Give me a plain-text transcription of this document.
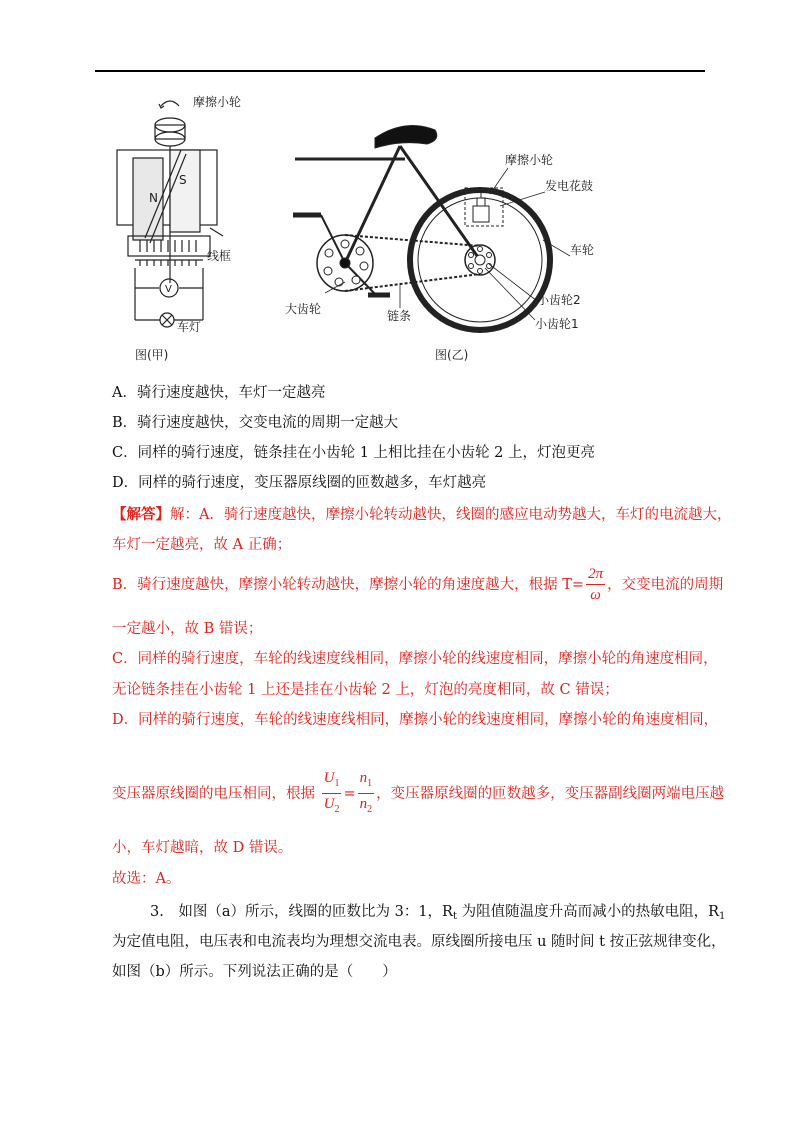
摩擦小轮
N
S
线框
V
车灯
图(甲)
摩擦小轮
发电花鼓
车轮
大齿轮	链条
小齿轮2
小齿轮1
图(乙)
A．骑行速度越快，车灯一定越亮
B．骑行速度越快，交变电流的周期一定越大
C．同样的骑行速度，链条挂在小齿轮 1 上相比挂在小齿轮 2 上，灯泡更亮
D．同样的骑行速度，变压器原线圈的匝数越多，车灯越亮
【解答】解：A．骑行速度越快，摩擦小轮转动越快，线圈的感应电动势越大，车灯的电流越大，
车灯一定越亮，故 A 正确；
B．骑行速度越快，摩擦小轮转动越快，摩擦小轮的角速度越大，根据 $T= \frac{2\pi}{\omega}$ ，交变电流的周期
一定越小，故 B 错误；
C．同样的骑行速度，车轮的线速度线相同，摩擦小轮的线速度相同，摩擦小轮的角速度相同，
无论链条挂在小齿轮 1 上还是挂在小齿轮 2 上，灯泡的亮度相同，故 C 错误；
D．同样的骑行速度，车轮的线速度线相同，摩擦小轮的线速度相同，摩擦小轮的角速度相同，
变压器原线圈的电压相同，根据 $\frac{U_1}{U_2} = \frac{n_1}{n_2}$ ，变压器原线圈的匝数越多，变压器副线圈两端电压越
小，车灯越暗，故 D 错误。
故选：A。
3.　 如图（a）所示，线圈的匝数比为 3：1，$R_t$ 为阻值随温度升高而减小的热敏电阻，$R_1$
为定值电阻，电压表和电流表均为理想交流电表。原线圈所接电压 u 随时间 t 按正弦规律变化，
如图（b）所示。下列说法正确的是（　　）
